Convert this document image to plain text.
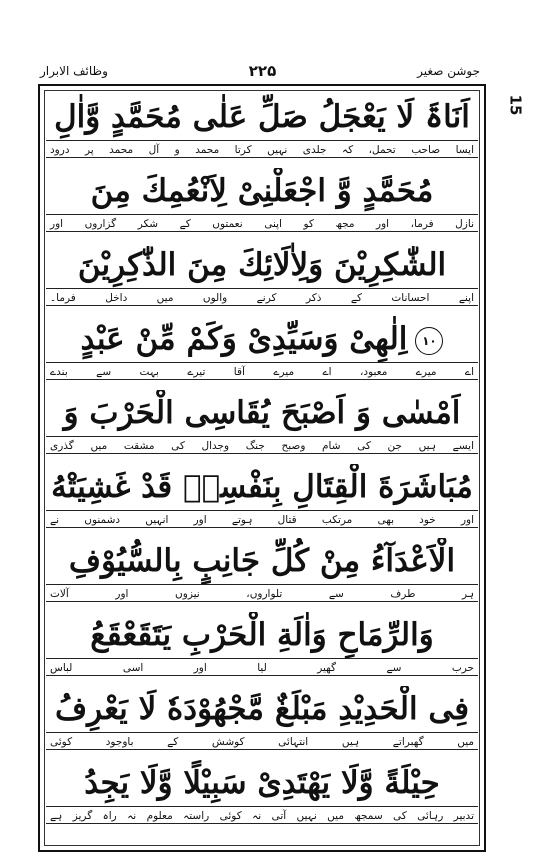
جوشن صغیر
۲۲۵
وظائف الابرار
15
اَنَاۃَ لَا يَعْجَلُ صَلِّ عَلٰى مُحَمَّدٍ وَّاٰلِ
ایسا صاحب تحمل، کہ جلدی نہیں کرتا محمد و آل محمد پر درود
مُحَمَّدٍ وَّ اجْعَلْنِیْ لِاَنْعُمِكَ مِنَ
نازل فرما، اور مجھ کو اپنی نعمتوں کے شکر گزاروں اور
الشّٰكِرِيْنَ وَلِاٰلَائِكَ مِنَ الذّٰكِرِيْنَ
اپنے احسانات کے ذکر کرنے والوں میں داخل فرما۔
۱۰اِلٰهِیْ وَسَيِّدِیْ وَكَمْ مِّنْ عَبْدٍ
اے میرے معبود، اے میرے آقا تیرے بہت سے بندے
اَمْسٰى وَ اَصْبَحَ يُقَاسِی الْحَرْبَ وَ
ایسے ہیں جن کی شام وصبح جنگ وجدال کی مشقت میں گذری
مُبَاشَرَةَ الْقِتَالِ بِنَفْسِهٖ قَدْ غَشِيَتْهُ
اور خود بھی مرتکب قتال ہوتے اور انہیں دشمنوں نے
الْاَعْدَآءُ مِنْ كُلِّ جَانِبٍ بِالسُّيُوْفِ
ہر طرف سے تلواروں، نیزوں اور آلات
وَالرِّمَاحِ وَاٰلَةِ الْحَرْبِ يَتَقَعْقَعُ
حرب سے گھیر لیا اور اسی لباس
فِی الْحَدِيْدِ مَبْلَغٌ مَّجْهُوْدَهٗ لَا يَعْرِفُ
میں گھبراتے ہیں انتہائی کوشش کے باوجود کوئی
حِيْلَةً وَّلَا يَهْتَدِیْ سَبِيْلًا وَّلَا يَجِدُ
تدبیر رہائی کی سمجھ میں نہیں آتی نہ کوئی راستہ معلوم نہ راہ گریز ہے
